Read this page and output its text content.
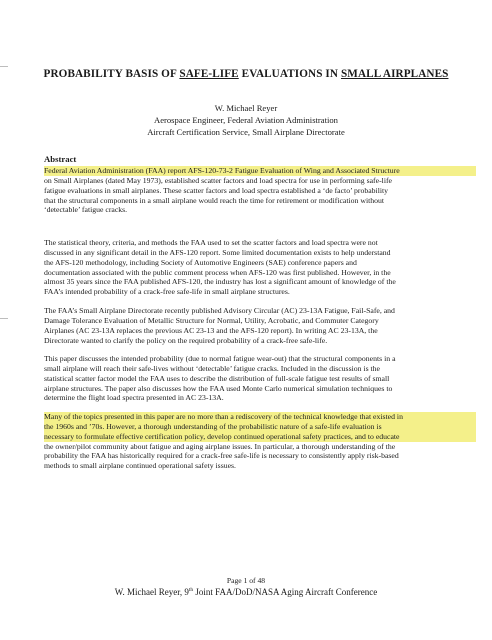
PROBABILITY BASIS OF SAFE-LIFE EVALUATIONS IN SMALL AIRPLANES
W. Michael Reyer
Aerospace Engineer, Federal Aviation Administration
Aircraft Certification Service, Small Airplane Directorate
Abstract
Federal Aviation Administration (FAA) report AFS-120-73-2 Fatigue Evaluation of Wing and Associated Structure
on Small Airplanes (dated May 1973), established scatter factors and load spectra for use in performing safe-life
fatigue evaluations in small airplanes. These scatter factors and load spectra established a ‘de facto’ probability
that the structural components in a small airplane would reach the time for retirement or modification without
‘detectable’ fatigue cracks.
The statistical theory, criteria, and methods the FAA used to set the scatter factors and load spectra were not
discussed in any significant detail in the AFS-120 report. Some limited documentation exists to help understand
the AFS-120 methodology, including Society of Automotive Engineers (SAE) conference papers and
documentation associated with the public comment process when AFS-120 was first published. However, in the
almost 35 years since the FAA published AFS-120, the industry has lost a significant amount of knowledge of the
FAA’s intended probability of a crack-free safe-life in small airplane structures.
The FAA’s Small Airplane Directorate recently published Advisory Circular (AC) 23-13A Fatigue, Fail-Safe, and
Damage Tolerance Evaluation of Metallic Structure for Normal, Utility, Acrobatic, and Commuter Category
Airplanes (AC 23-13A replaces the previous AC 23-13 and the AFS-120 report). In writing AC 23-13A, the
Directorate wanted to clarify the policy on the required probability of a crack-free safe-life.
This paper discusses the intended probability (due to normal fatigue wear-out) that the structural components in a
small airplane will reach their safe-lives without ‘detectable’ fatigue cracks. Included in the discussion is the
statistical scatter factor model the FAA uses to describe the distribution of full-scale fatigue test results of small
airplane structures. The paper also discusses how the FAA used Monte Carlo numerical simulation techniques to
determine the flight load spectra presented in AC 23-13A.
Many of the topics presented in this paper are no more than a rediscovery of the technical knowledge that existed in
the 1960s and ’70s. However, a thorough understanding of the probabilistic nature of a safe-life evaluation is
necessary to formulate effective certification policy, develop continued operational safety practices, and to educate
the owner/pilot community about fatigue and aging airplane issues. In particular, a thorough understanding of the
probability the FAA has historically required for a crack-free safe-life is necessary to consistently apply risk-based
methods to small airplane continued operational safety issues.
Page 1 of 48
W. Michael Reyer, 9th Joint FAA/DoD/NASA Aging Aircraft Conference
